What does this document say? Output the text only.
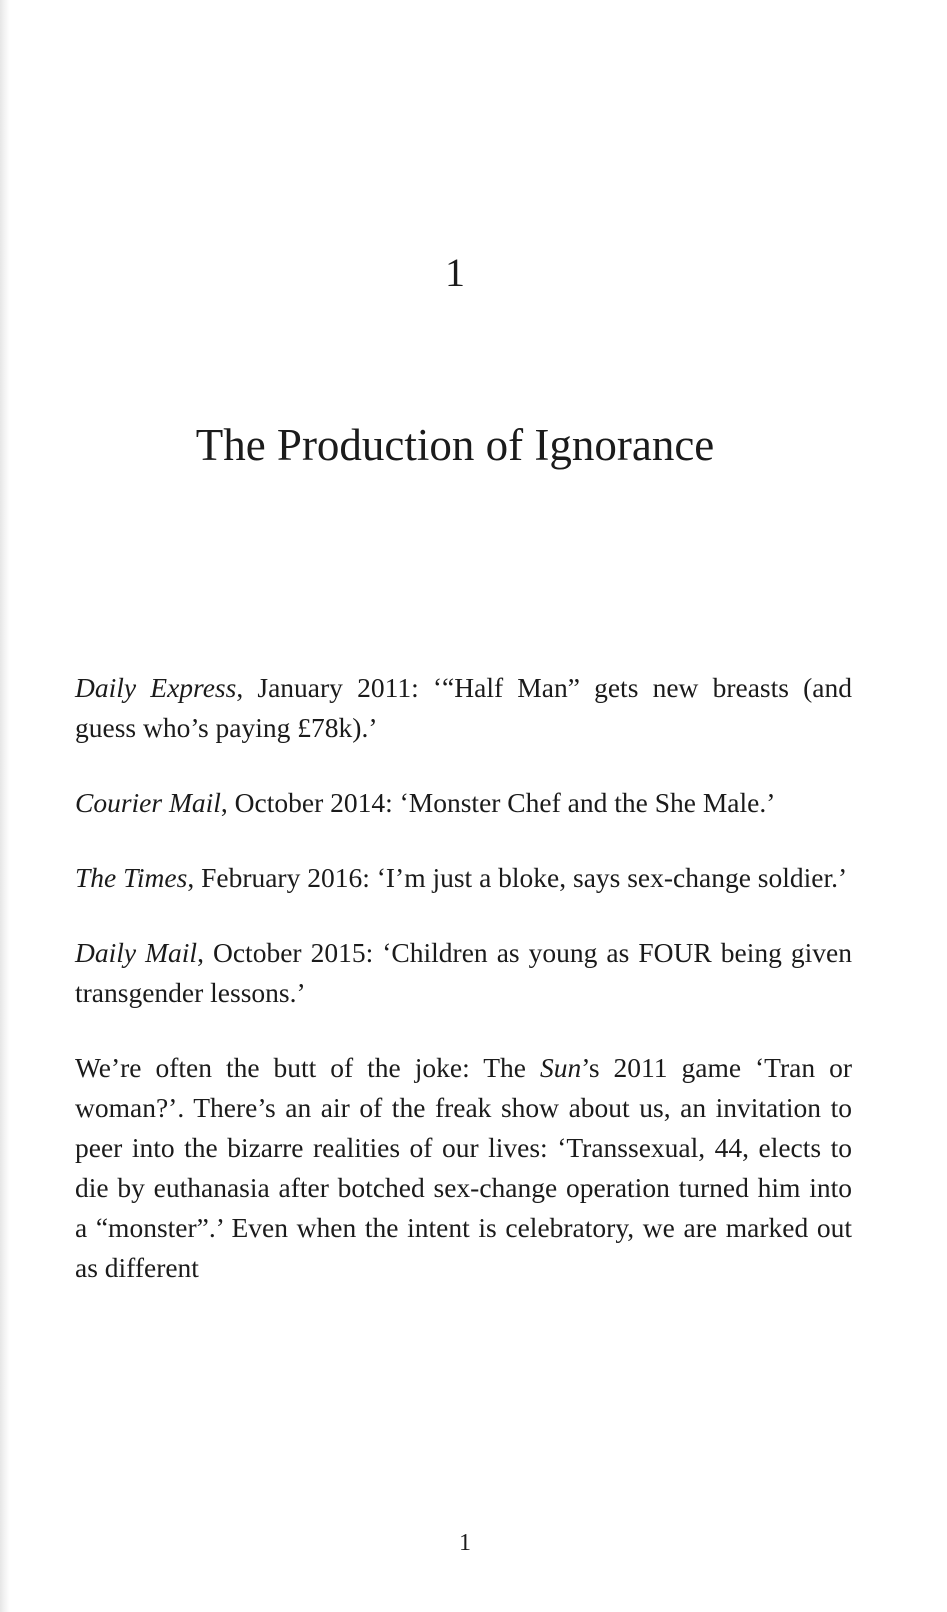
1
The Production of Ignorance

Daily Express, January 2011: ‘“Half Man” gets new breasts (and guess who’s paying £78k).’

Courier Mail, October 2014: ‘Monster Chef and the She Male.’

The Times, February 2016: ‘I’m just a bloke, says sex-change soldier.’

Daily Mail, October 2015: ‘Children as young as FOUR being given transgender lessons.’

We’re often the butt of the joke: The Sun’s 2011 game ‘Tran or woman?’. There’s an air of the freak show about us, an invitation to peer into the bizarre realities of our lives: ‘Transsexual, 44, elects to die by euthanasia after botched sex-change operation turned him into a “monster”.’ Even when the intent is celebratory, we are marked out as different

1
